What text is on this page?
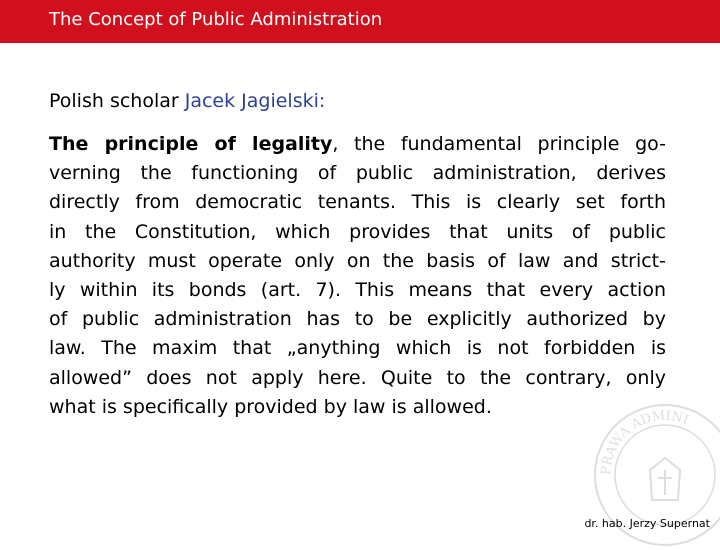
The Concept of Public Administration
Polish scholar Jacek Jagielski:
The principle of legality, the fundamental principle go-
verning the functioning of public administration, derives
directly from democratic tenants. This is clearly set forth
in the Constitution, which provides that units of public
authority must operate only on the basis of law and strict-
ly within its bonds (art. 7). This means that every action
of public administration has to be explicitly authorized by
law. The maxim that „anything which is not forbidden is
allowed” does not apply here. Quite to the contrary, only
what is specifically provided by law is allowed.
PRAWA ADMINI
dr. hab. Jerzy Supernat
